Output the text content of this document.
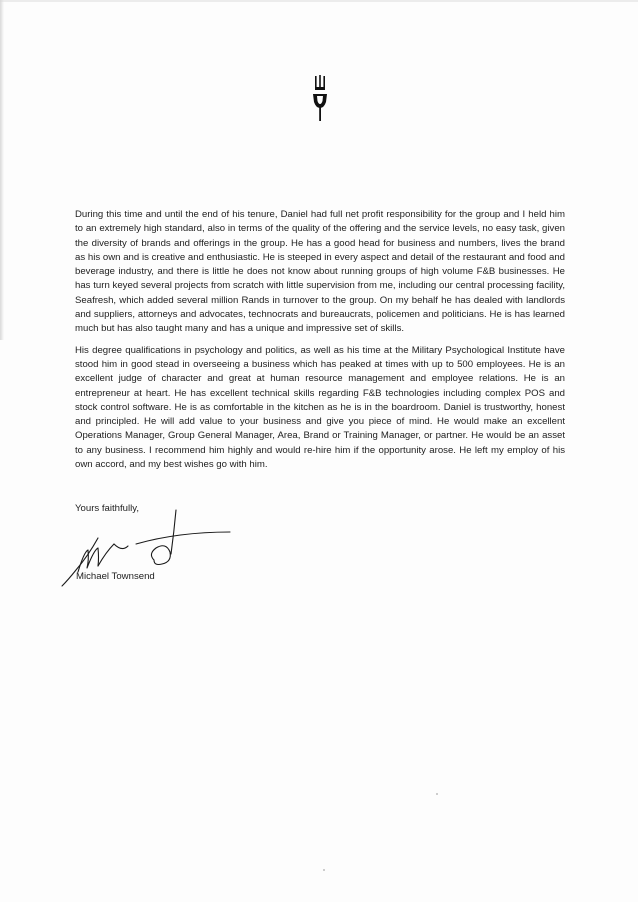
During this time and until the end of his tenure, Daniel had full net profit responsibility for the group and I held him to an extremely high standard, also in terms of the quality of the offering and the service levels, no easy task, given the diversity of brands and offerings in the group. He has a good head for business and numbers, lives the brand as his own and is creative and enthusiastic. He is steeped in every aspect and detail of the restaurant and food and beverage industry, and there is little he does not know about running groups of high volume F&B businesses. He has turn keyed several projects from scratch with little supervision from me, including our central processing facility, Seafresh, which added several million Rands in turnover to the group. On my behalf he has dealed with landlords and suppliers, attorneys and advocates, technocrats and bureaucrats, policemen and politicians. He is has learned much but has also taught many and has a unique and impressive set of skills.

His degree qualifications in psychology and politics, as well as his time at the Military Psychological Institute have stood him in good stead in overseeing a business which has peaked at times with up to 500 employees. He is an excellent judge of character and great at human resource management and employee relations. He is an entrepreneur at heart. He has excellent technical skills regarding F&B technologies including complex POS and stock control software. He is as comfortable in the kitchen as he is in the boardroom. Daniel is trustworthy, honest and principled. He will add value to your business and give you piece of mind. He would make an excellent Operations Manager, Group General Manager, Area, Brand or Training Manager, or partner. He would be an asset to any business. I recommend him highly and would re-hire him if the opportunity arose. He left my employ of his own accord, and my best wishes go with him.

Yours faithfully,

Michael Townsend
